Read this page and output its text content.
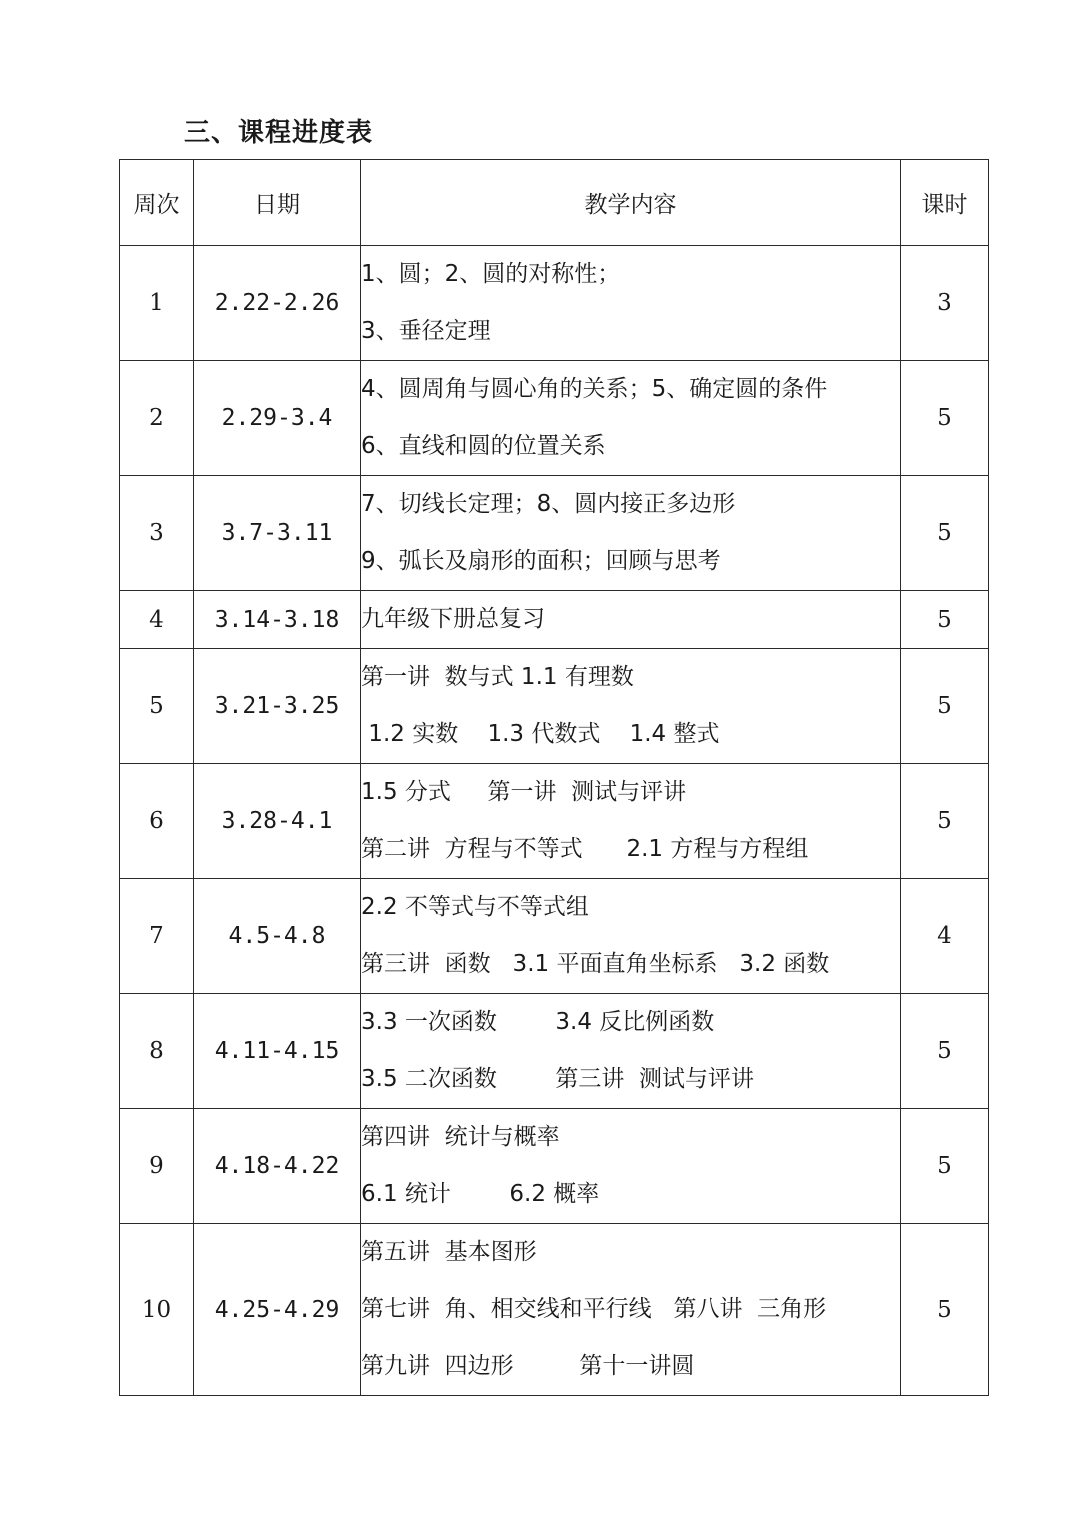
三、课程进度表
周次	日期	教学内容	课时
1	2.22-2.26	1、圆；2、圆的对称性；
3、垂径定理	3
2	2.29-3.4	4、圆周角与圆心角的关系；5、确定圆的条件
6、直线和圆的位置关系	5
3	3.7-3.11	7、切线长定理；8、圆内接正多边形
9、弧长及扇形的面积；回顾与思考	5
4	3.14-3.18	九年级下册总复习	5
5	3.21-3.25	第一讲  数与式 1.1 有理数
1.2 实数    1.3 代数式    1.4 整式	5
6	3.28-4.1	1.5 分式     第一讲  测试与评讲
第二讲  方程与不等式      2.1 方程与方程组	5
7	4.5-4.8	2.2 不等式与不等式组
第三讲  函数   3.1 平面直角坐标系   3.2 函数	4
8	4.11-4.15	3.3 一次函数        3.4 反比例函数
3.5 二次函数        第三讲  测试与评讲	5
9	4.18-4.22	第四讲  统计与概率
6.1 统计        6.2 概率	5
10	4.25-4.29	第五讲  基本图形
第七讲  角、相交线和平行线   第八讲  三角形
第九讲  四边形         第十一讲圆	5
